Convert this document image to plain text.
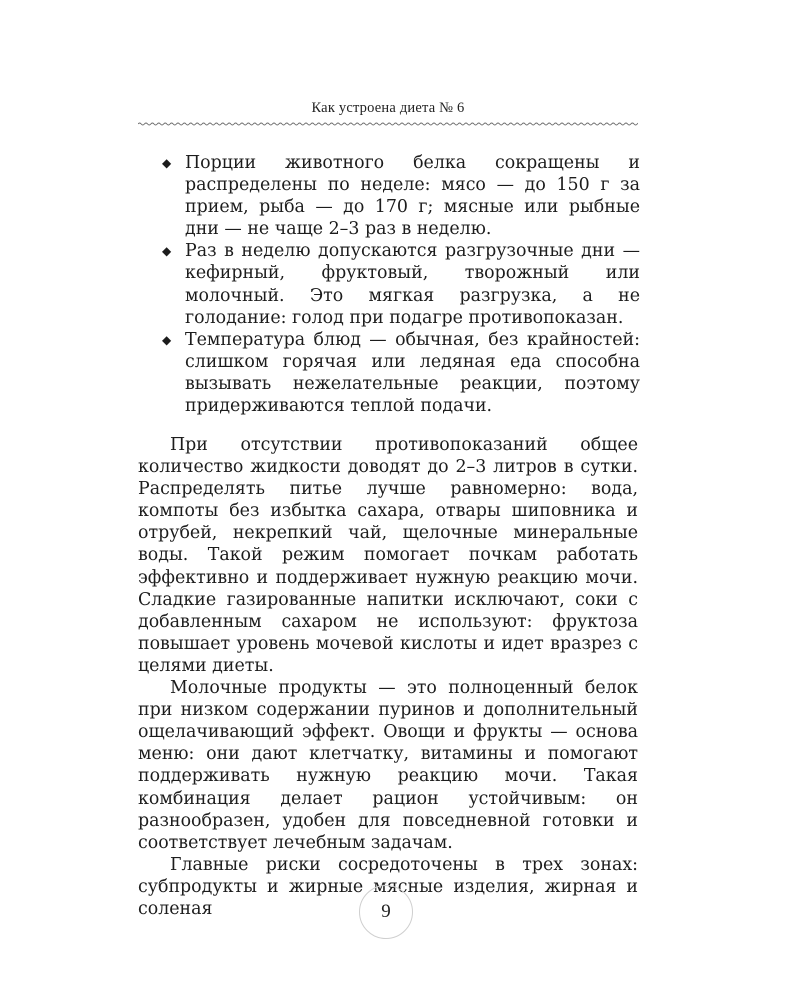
Как устроена диета № 6
◆ Порции животного белка сокращены и распределены по неделе: мясо — до 150 г за прием, рыба — до 170 г; мясные или рыбные дни — не чаще 2–3 раз в неделю.
◆ Раз в неделю допускаются разгрузочные дни — кефирный, фруктовый, творожный или молочный. Это мягкая разгрузка, а не голодание: голод при подагре противопоказан.
◆ Температура блюд — обычная, без крайностей: слишком горячая или ледяная еда способна вызывать нежелательные реакции, поэтому придерживаются теплой подачи.

При отсутствии противопоказаний общее количество жидкости доводят до 2–3 литров в сутки. Распределять питье лучше равномерно: вода, компоты без избытка сахара, отвары шиповника и отрубей, некрепкий чай, щелочные минеральные воды. Такой режим помогает почкам работать эффективно и поддерживает нужную реакцию мочи. Сладкие газированные напитки исключают, соки с добавленным сахаром не используют: фруктоза повышает уровень мочевой кислоты и идет вразрез с целями диеты.

Молочные продукты — это полноценный белок при низком содержании пуринов и дополнительный ощелачивающий эффект. Овощи и фрукты — основа меню: они дают клетчатку, витамины и помогают поддерживать нужную реакцию мочи. Такая комбинация делает рацион устойчивым: он разнообразен, удобен для повседневной готовки и соответствует лечебным задачам.

Главные риски сосредоточены в трех зонах: субпродукты и жирные мясные изделия, жирная и соленая	9
